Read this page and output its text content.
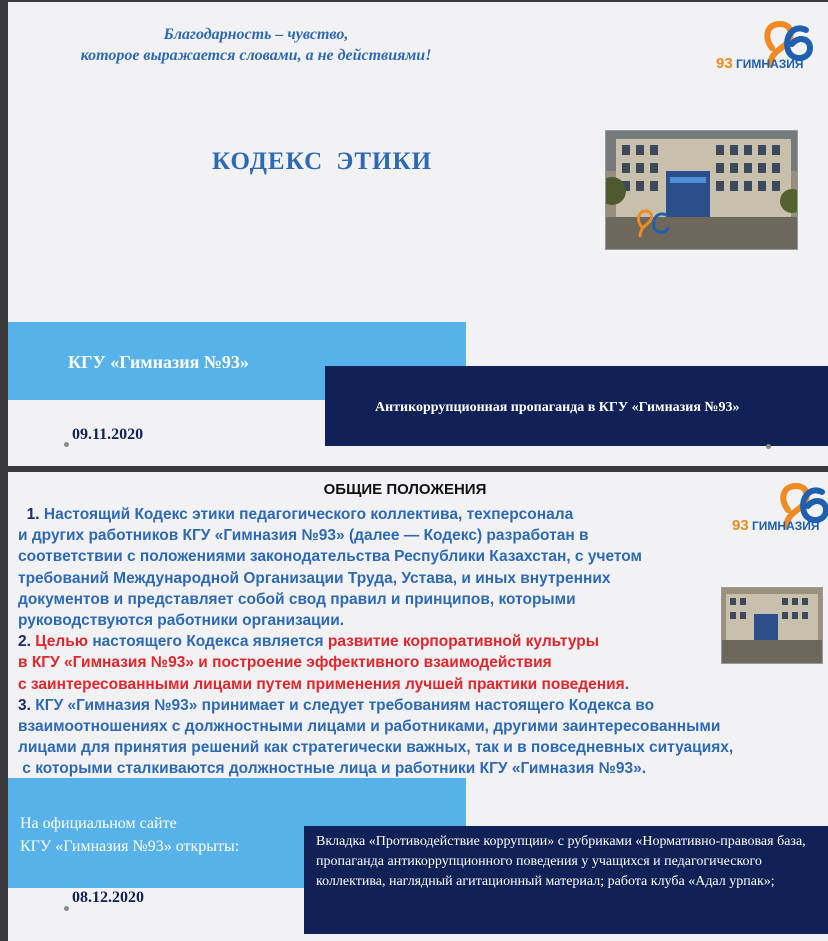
Благодарность – чувство,
которое выражается словами, а не действиями!	93 ГИМНАЗИЯ
96
КОДЕКС ЭТИКИ
КГУ «Гимназия №93»
Антикоррупционная пропаганда в КГУ «Гимназия №93»
09.11.2020
ОБЩИЕ ПОЛОЖЕНИЯ
93 ГИМНАЗИЯ
96
На официальном сайте
КГУ «Гимназия №93» открыты:

1. Настоящий Кодекс этики педагогического коллектива, техперсонала

и других работников КГУ «Гимназия №93» (далее — Кодекс) разработан в

соответствии с положениями законодательства Республики Казахстан, с учетом

требований Международной Организации Труда, Устава, и иных внутренних

документов и представляет собой свод правил и принципов, которыми

руководствуются работники организации.

2. Целью настоящего Кодекса является развитие корпоративной культуры

в КГУ «Гимназия №93» и построение эффективного взаимодействия

с заинтересованными лицами путем применения лучшей практики поведения.

3. КГУ «Гимназия №93» принимает и следует требованиям настоящего Кодекса во

взаимоотношениях с должностными лицами и работниками, другими заинтересованными

лицами для принятия решений как стратегически важных, так и в повседневных ситуациях,

с которыми сталкиваются должностные лица и работники КГУ «Гимназия №93».

Вкладка «Противодействие коррупции» с рубриками «Нормативно-правовая база, пропаганда антикоррупционного поведения у учащихся и педагогического коллектива, наглядный агитационный материал; работа клуба «Адал урпак»;
08.12.2020
